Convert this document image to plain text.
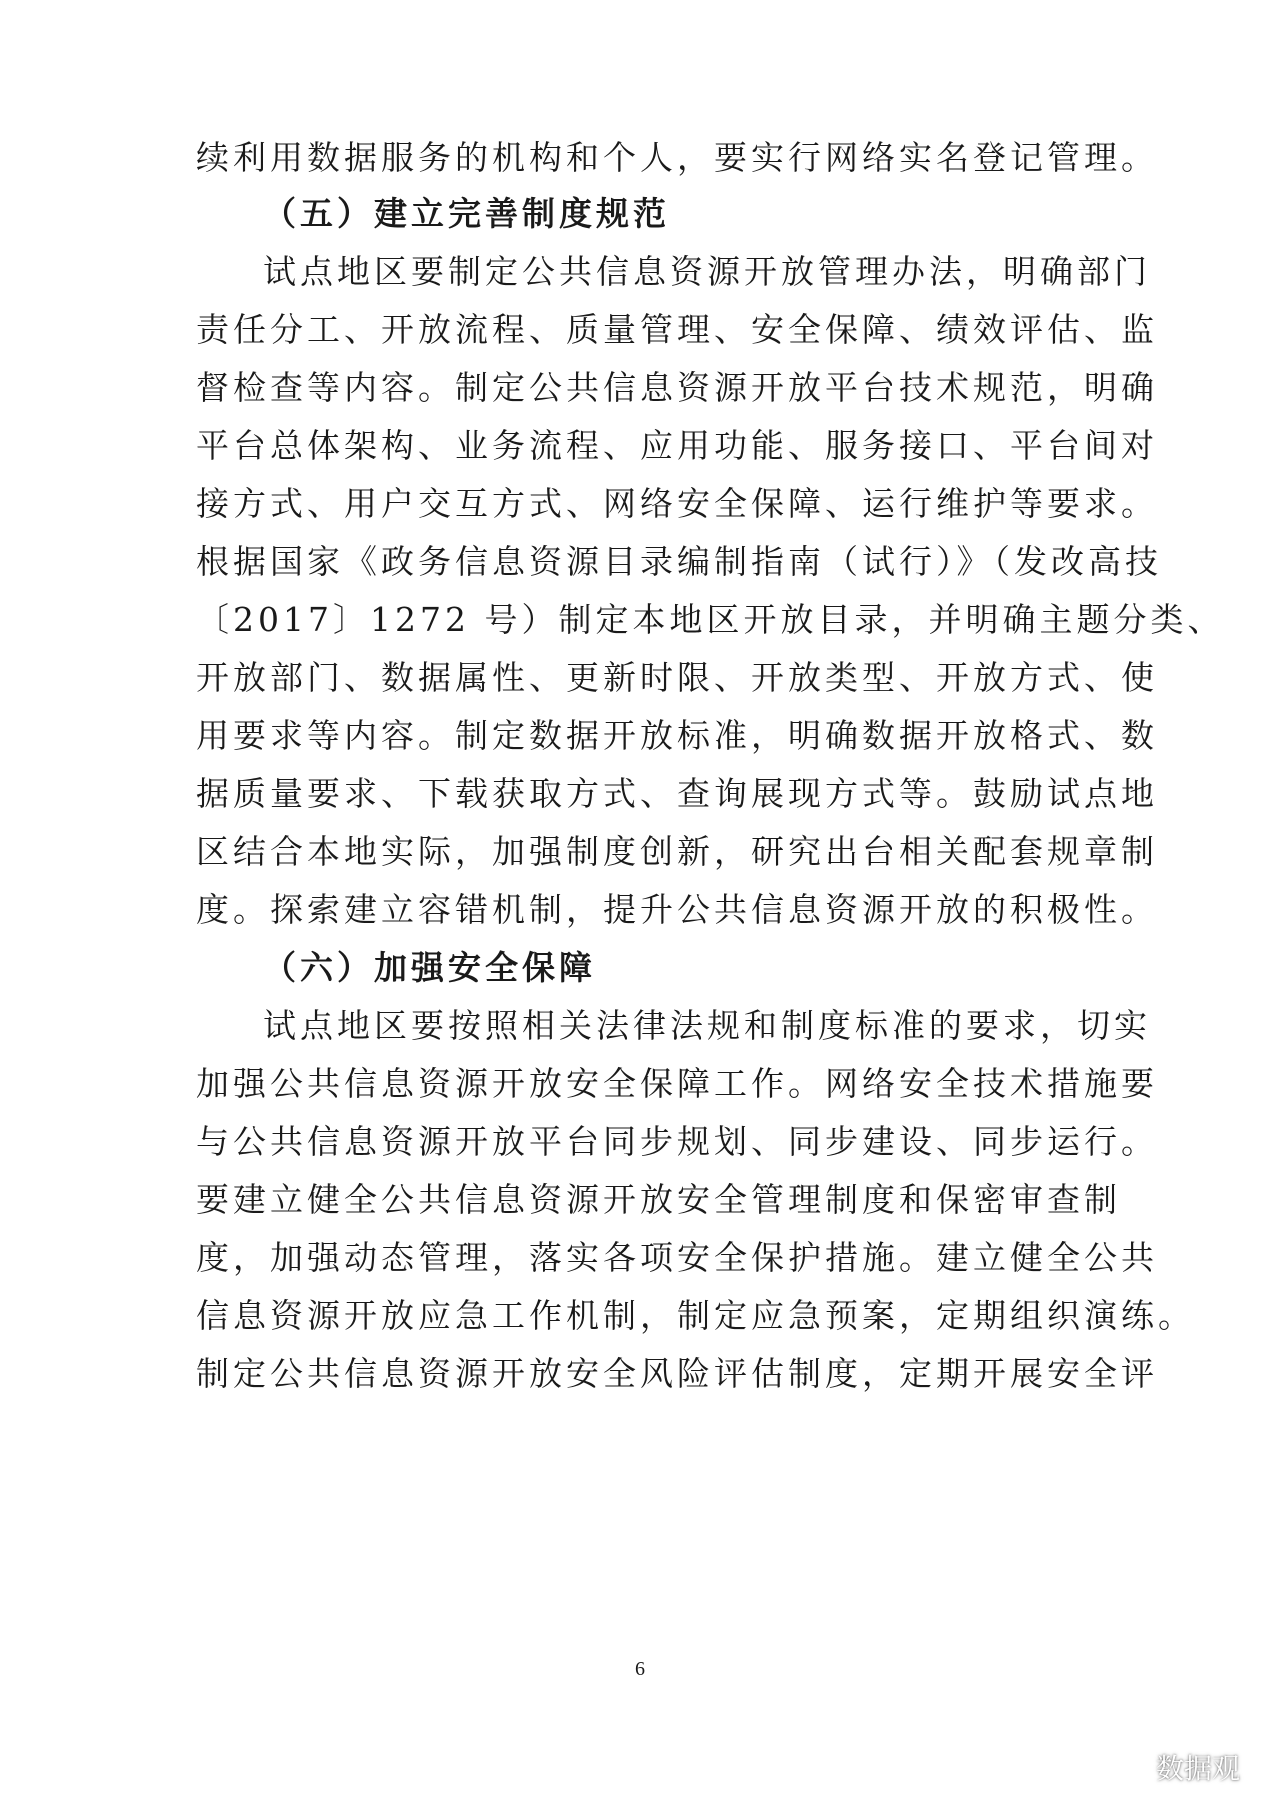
续利用数据服务的机构和个人，要实行网络实名登记管理。
（五）建立完善制度规范
试点地区要制定公共信息资源开放管理办法，明确部门
责任分工、开放流程、质量管理、安全保障、绩效评估、监
督检查等内容。制定公共信息资源开放平台技术规范，明确
平台总体架构、业务流程、应用功能、服务接口、平台间对
接方式、用户交互方式、网络安全保障、运行维护等要求。
根据国家《政务信息资源目录编制指南（试行）》（发改高技
〔2017〕1272 号）制定本地区开放目录，并明确主题分类、
开放部门、数据属性、更新时限、开放类型、开放方式、使
用要求等内容。制定数据开放标准，明确数据开放格式、数
据质量要求、下载获取方式、查询展现方式等。鼓励试点地
区结合本地实际，加强制度创新，研究出台相关配套规章制
度。探索建立容错机制，提升公共信息资源开放的积极性。
（六）加强安全保障
试点地区要按照相关法律法规和制度标准的要求，切实
加强公共信息资源开放安全保障工作。网络安全技术措施要
与公共信息资源开放平台同步规划、同步建设、同步运行。
要建立健全公共信息资源开放安全管理制度和保密审查制
度，加强动态管理，落实各项安全保护措施。建立健全公共
信息资源开放应急工作机制，制定应急预案，定期组织演练。
制定公共信息资源开放安全风险评估制度，定期开展安全评
6
数据观
